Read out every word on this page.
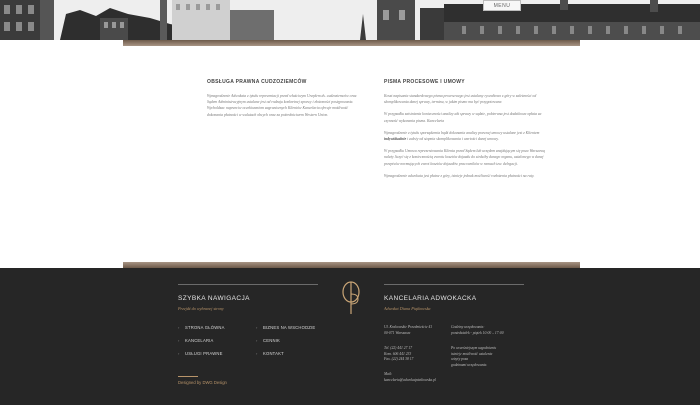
MENU
OBSŁUGA PRAWNA CUDZOZIEMCÓW

Wynagrodzenie Adwokata z tytułu reprezentacji przed właściwym Urzędem ds. cudzoziemców oraz Sądem Administracyjnym ustalane jest od rodzaju konkretnej sprawy i złożoności postępowania. Wycholdzac naprzeciw oczekiwaniom zagranicznych Klientów Kancelaria oferuje możliwość dokonania płatności w walutach obcych oraz za pośrednictwem Western Union.

PISMA PROCESOWE I UMOWY

Koszt napisania standardowego pisma procesowego jest ustalany ryczałtowo z góry w zależności od skomplikowania danej sprawy, terminu, w jakim pismo ma być przygotowane.

W przypadku zaistnienia konieczności analizy akt sprawy w sądzie, pobierana jest dodatkowa opłata za czynność wykonania pisma. Kancelaria

Wynagrodzenie z tytułu sporządzenia bądź dokonania analizy prawnej umowy ustalane jest z Klientem indywidualnie i zależy od stopnia skomplikowania i wartości danej umowy.

W przypadku Umowa reprezentowania Klienta przed Sądem lub urzędem znajdującym się poza Warszawą należy liczyć się z koniecznością zwrotu kosztów dojazdu do siedziby danego organu, ustalonego w danej przepisów normujących zwrot kosztów dojazdów pracowników w ramach tzw. delegacji.

Wynagrodzenie adwokata jest płatne z góry, istnieje jednak możliwość rozłożenia płatności na raty.

SZYBKA NAWIGACJA
Przejdź do wybranej strony
›	STRONA GŁÓWNA
›	KANCELARIA
›	USŁUGI PRAWNE
›	BIZNES NA WSCHODZIE
›	CENNIK
›	KONTAKT
Designed by DWG Design
KANCELARIA ADWOKACKA
Adwokat Diana Piątkowska
Ul. Krakowskie Przedmieście 41
00-071 Warszawa
Tel. (22) 441 27 17
Kom. 606 441 233
Fax. (22) 244 38 17
Mail:
kancelaria@adwokatpiatkowska.pl
Godziny urzędowania:
poniedziałek - piątek 10:00 – 17:00
Po wcześniejszym uzgodnieniu
istnieje możliwość ustalenia
wizyty poza
godzinami urzędowania.
